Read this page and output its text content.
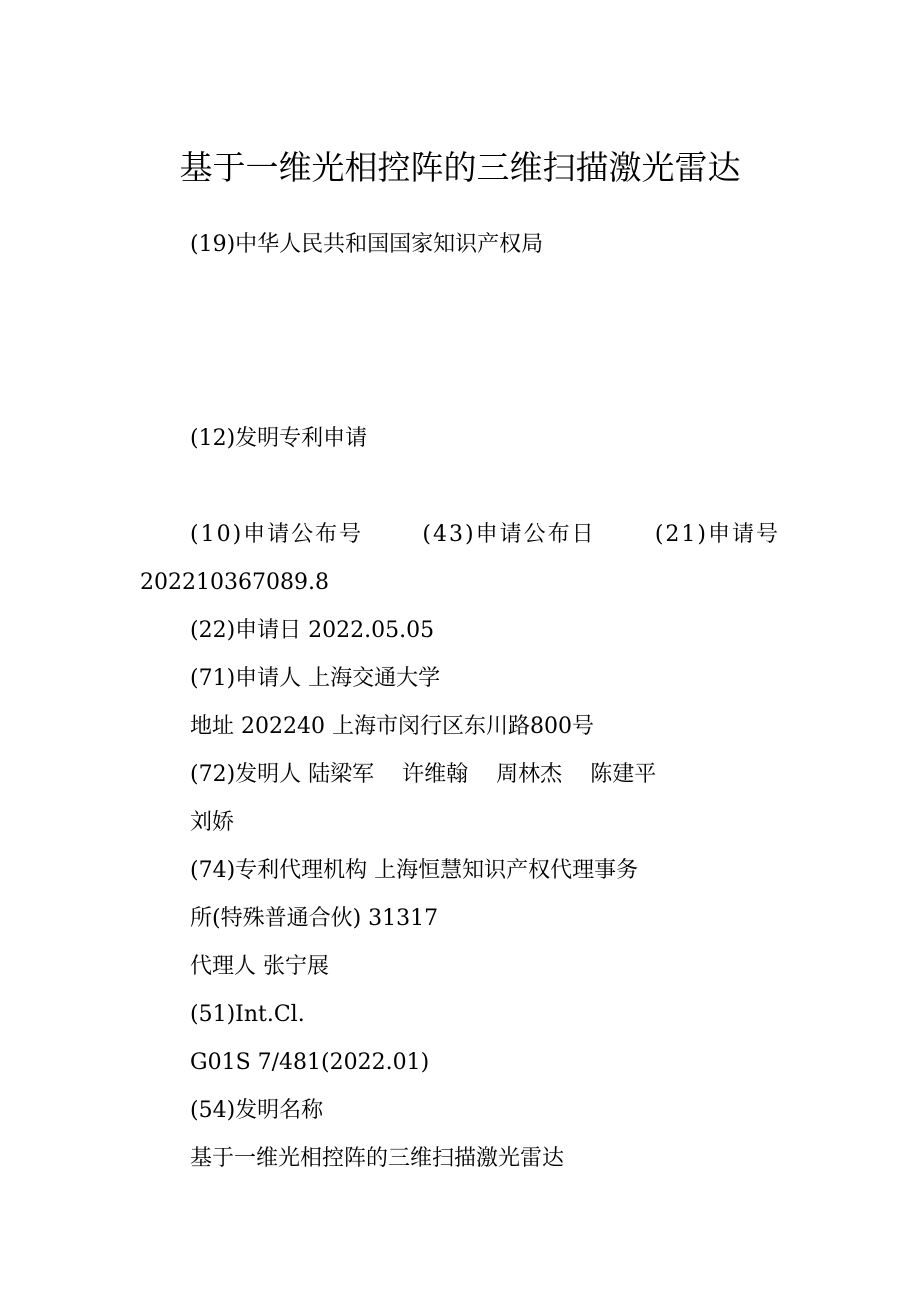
基于一维光相控阵的三维扫描激光雷达
(19)中华人民共和国国家知识产权局
(12)发明专利申请
(10)申请公布号	(43)申请公布日	(21)申请号
202210367089.8
(22)申请日 2022.05.05
(71)申请人 上海交通大学
地址 202240 上海市闵行区东川路800号
(72)发明人 陆梁军 许维翰 周林杰 陈建平
刘娇
(74)专利代理机构 上海恒慧知识产权代理事务
所(特殊普通合伙) 31317
代理人 张宁展
(51)Int.Cl.
G01S 7/481(2022.01)
(54)发明名称
基于一维光相控阵的三维扫描激光雷达
